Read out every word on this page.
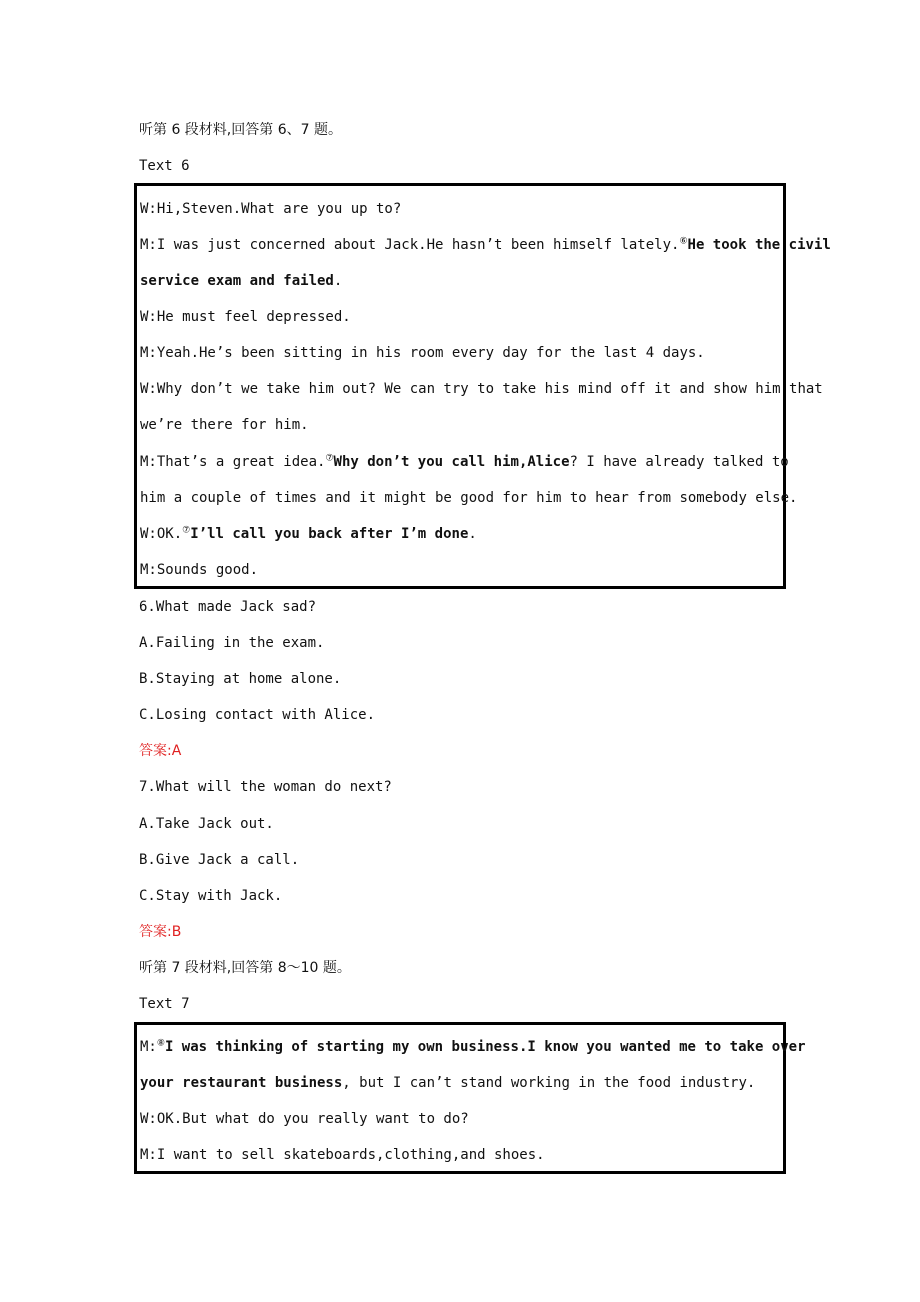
听第 6 段材料,回答第 6、7 题。
Text 6
W:Hi,Steven.What are you up to?
M:I was just concerned about Jack.He hasn’t been himself lately.⑥He took the civil
service exam and failed.
W:He must feel depressed.
M:Yeah.He’s been sitting in his room every day for the last 4 days.
W:Why don’t we take him out? We can try to take his mind off it and show him that
we’re there for him.
M:That’s a great idea.⑦Why don’t you call him,Alice? I have already talked to
him a couple of times and it might be good for him to hear from somebody else.
W:OK.⑦I’ll call you back after I’m done.
M:Sounds good.
6.What made Jack sad?
A.Failing in the exam.
B.Staying at home alone.
C.Losing contact with Alice.
答案:A
7.What will the woman do next?
A.Take Jack out.
B.Give Jack a call.
C.Stay with Jack.
答案:B
听第 7 段材料,回答第 8～10 题。
Text 7
M:⑧I was thinking of starting my own business.I know you wanted me to take over
your restaurant business, but I can’t stand working in the food industry.
W:OK.But what do you really want to do?
M:I want to sell skateboards,clothing,and shoes.
